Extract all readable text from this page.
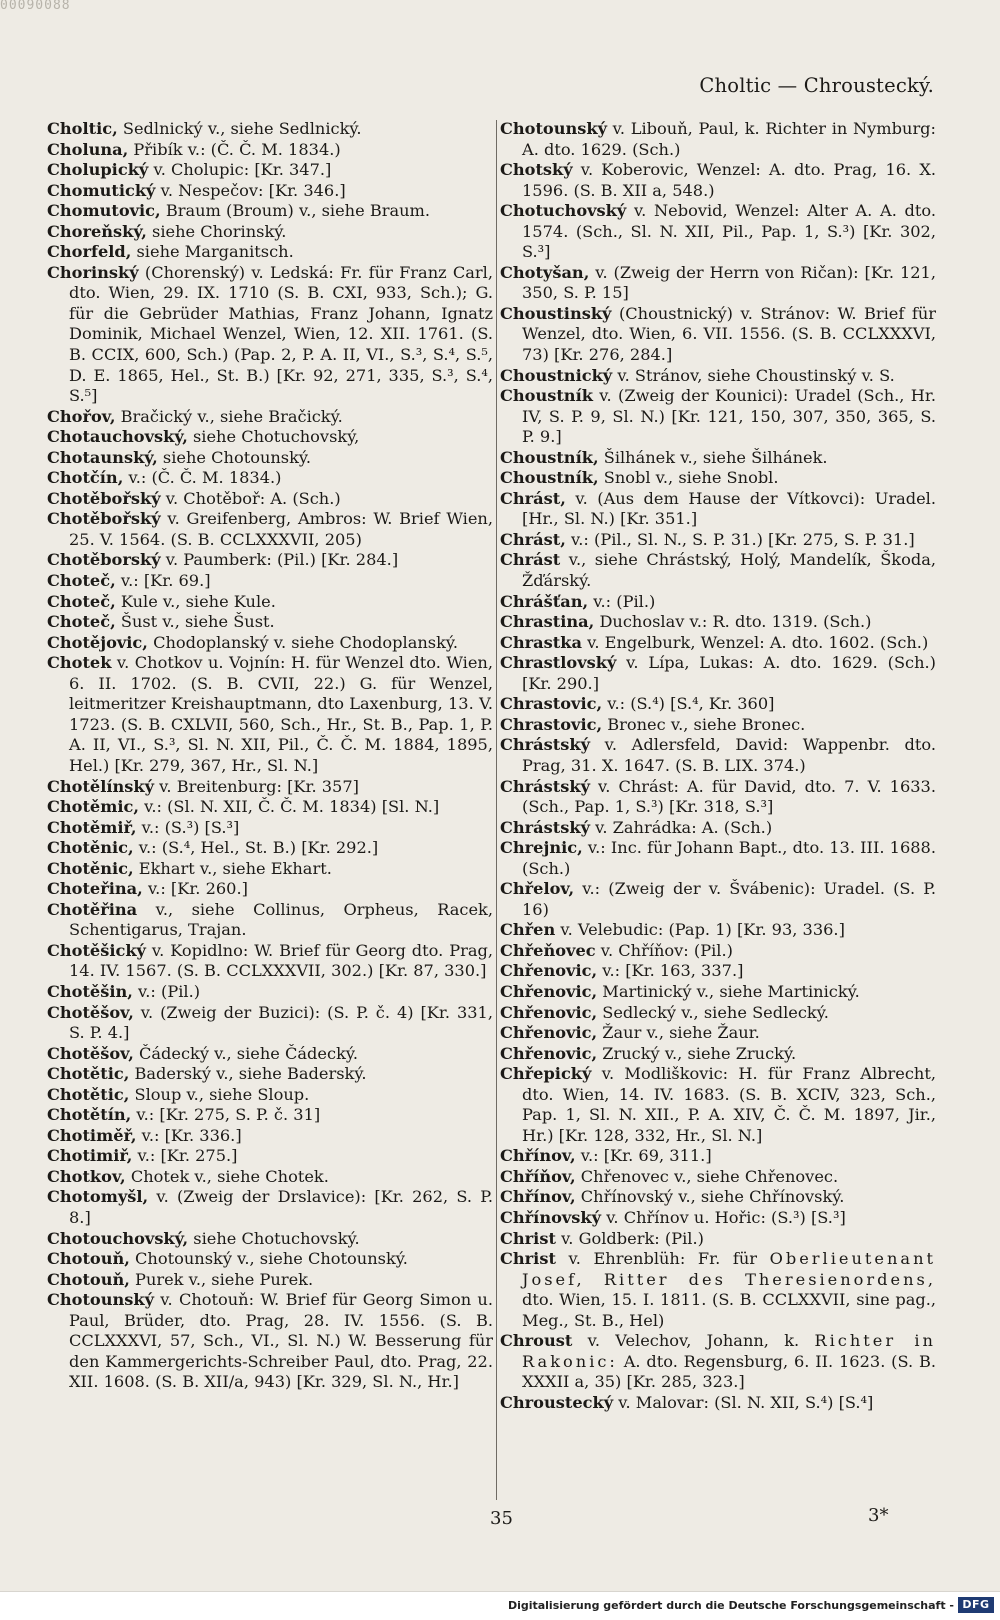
00090088
Choltic — Chroustecký.

Choltic, Sedlnický v., siehe Sedlnický.

Choluna, Přibík v.: (Č. Č. M. 1834.)

Cholupický v. Cholupic: [Kr. 347.]

Chomutický v. Nespečov: [Kr. 346.]

Chomutovic, Braum (Broum) v., siehe Braum.

Choreňský, siehe Chorinský.

Chorfeld, siehe Marganitsch.

Chorinský (Chorenský) v. Ledská: Fr. für Franz Carl, dto. Wien, 29. IX. 1710 (S. B. CXI, 933, Sch.); G. für die Gebrüder Mathias, Franz Johann, Ignatz Dominik, Michael Wenzel, Wien, 12. XII. 1761. (S. B. CCIX, 600, Sch.) (Pap. 2, P. A. II, VI., S.³, S.⁴, S.⁵, D. E. 1865, Hel., St. B.) [Kr. 92, 271, 335, S.³, S.⁴, S.⁵]

Chořov, Bračický v., siehe Bračický.

Chotauchovský, siehe Chotuchovský,

Chotaunský, siehe Chotounský.

Chotčín, v.: (Č. Č. M. 1834.)

Chotěbořský v. Chotěboř: A. (Sch.)

Chotěbořský v. Greifenberg, Ambros: W. Brief Wien, 25. V. 1564. (S. B. CCLXXXVII, 205)

Chotěborský v. Paumberk: (Pil.) [Kr. 284.]

Choteč, v.: [Kr. 69.]

Choteč, Kule v., siehe Kule.

Choteč, Šust v., siehe Šust.

Chotějovic, Chodoplanský v. siehe Chodoplanský.

Chotek v. Chotkov u. Vojnín: H. für Wenzel dto. Wien, 6. II. 1702. (S. B. CVII, 22.) G. für Wenzel, leitmeritzer Kreishauptmann, dto Laxenburg, 13. V. 1723. (S. B. CXLVII, 560, Sch., Hr., St. B., Pap. 1, P. A. II, VI., S.³, Sl. N. XII, Pil., Č. Č. M. 1884, 1895, Hel.) [Kr. 279, 367, Hr., Sl. N.]

Chotělínský v. Breitenburg: [Kr. 357]

Chotěmic, v.: (Sl. N. XII, Č. Č. M. 1834) [Sl. N.]

Chotěmiř, v.: (S.³) [S.³]

Chotěnic, v.: (S.⁴, Hel., St. B.) [Kr. 292.]

Chotěnic, Ekhart v., siehe Ekhart.

Choteřina, v.: [Kr. 260.]

Chotěřina v., siehe Collinus, Orpheus, Racek, Schentigarus, Trajan.

Chotěšický v. Kopidlno: W. Brief für Georg dto. Prag, 14. IV. 1567. (S. B. CCLXXXVII, 302.) [Kr. 87, 330.]

Chotěšin, v.: (Pil.)

Chotěšov, v. (Zweig der Buzici): (S. P. č. 4) [Kr. 331, S. P. 4.]

Chotěšov, Čádecký v., siehe Čádecký.

Chotětic, Baderský v., siehe Baderský.

Chotětic, Sloup v., siehe Sloup.

Chotětín, v.: [Kr. 275, S. P. č. 31]

Chotiměř, v.: [Kr. 336.]

Chotimiř, v.: [Kr. 275.]

Chotkov, Chotek v., siehe Chotek.

Chotomyšl, v. (Zweig der Drslavice): [Kr. 262, S. P. 8.]

Chotouchovský, siehe Chotuchovský.

Chotouň, Chotounský v., siehe Chotounský.

Chotouň, Purek v., siehe Purek.

Chotounský v. Chotouň: W. Brief für Georg Simon u. Paul, Brüder, dto. Prag, 28. IV. 1556. (S. B. CCLXXXVI, 57, Sch., VI., Sl. N.) W. Besserung für den Kammergerichts-Schreiber Paul, dto. Prag, 22. XII. 1608. (S. B. XII/a, 943) [Kr. 329, Sl. N., Hr.]

Chotounský v. Libouň, Paul, k. Richter in Nymburg: A. dto. 1629. (Sch.)

Chotský v. Koberovic, Wenzel: A. dto. Prag, 16. X. 1596. (S. B. XII a, 548.)

Chotuchovský v. Nebovid, Wenzel: Alter A. A. dto. 1574. (Sch., Sl. N. XII, Pil., Pap. 1, S.³) [Kr. 302, S.³]

Chotyšan, v. (Zweig der Herrn von Ričan): [Kr. 121, 350, S. P. 15]

Choustinský (Choustnický) v. Stránov: W. Brief für Wenzel, dto. Wien, 6. VII. 1556. (S. B. CCLXXXVI, 73) [Kr. 276, 284.]

Choustnický v. Stránov, siehe Choustinský v. S.

Choustník v. (Zweig der Kounici): Uradel (Sch., Hr. IV, S. P. 9, Sl. N.) [Kr. 121, 150, 307, 350, 365, S. P. 9.]

Choustník, Šilhánek v., siehe Šilhánek.

Choustník, Snobl v., siehe Snobl.

Chrást, v. (Aus dem Hause der Vítkovci): Uradel. [Hr., Sl. N.) [Kr. 351.]

Chrást, v.: (Pil., Sl. N., S. P. 31.) [Kr. 275, S. P. 31.]

Chrást v., siehe Chrástský, Holý, Mandelík, Škoda, Žďárský.

Chrášťan, v.: (Pil.)

Chrastina, Duchoslav v.: R. dto. 1319. (Sch.)

Chrastka v. Engelburk, Wenzel: A. dto. 1602. (Sch.)

Chrastlovský v. Lípa, Lukas: A. dto. 1629. (Sch.) [Kr. 290.]

Chrastovic, v.: (S.⁴) [S.⁴, Kr. 360]

Chrastovic, Bronec v., siehe Bronec.

Chrástský v. Adlersfeld, David: Wappenbr. dto. Prag, 31. X. 1647. (S. B. LIX. 374.)

Chrástský v. Chrást: A. für David, dto. 7. V. 1633. (Sch., Pap. 1, S.³) [Kr. 318, S.³]

Chrástský v. Zahrádka: A. (Sch.)

Chrejnic, v.: Inc. für Johann Bapt., dto. 13. III. 1688. (Sch.)

Chřelov, v.: (Zweig der v. Švábenic): Uradel. (S. P. 16)

Chřen v. Velebudic: (Pap. 1) [Kr. 93, 336.]

Chřeňovec v. Chříňov: (Pil.)

Chřenovic, v.: [Kr. 163, 337.]

Chřenovic, Martinický v., siehe Martinický.

Chřenovic, Sedlecký v., siehe Sedlecký.

Chřenovic, Žaur v., siehe Žaur.

Chřenovic, Zrucký v., siehe Zrucký.

Chřepický v. Modliškovic: H. für Franz Albrecht, dto. Wien, 14. IV. 1683. (S. B. XCIV, 323, Sch., Pap. 1, Sl. N. XII., P. A. XIV, Č. Č. M. 1897, Jir., Hr.) [Kr. 128, 332, Hr., Sl. N.]

Chřínov, v.: [Kr. 69, 311.]

Chříňov, Chřenovec v., siehe Chřenovec.

Chřínov, Chřínovský v., siehe Chřínovský.

Chřínovský v. Chřínov u. Hořic: (S.³) [S.³]

Christ v. Goldberk: (Pil.)

Christ v. Ehrenblüh: Fr. für Oberlieutenant Josef, Ritter des Theresienordens, dto. Wien, 15. I. 1811. (S. B. CCLXXVII, sine pag., Meg., St. B., Hel)

Chroust v. Velechov, Johann, k. Richter in Rakonic: A. dto. Regensburg, 6. II. 1623. (S. B. XXXII a, 35) [Kr. 285, 323.]

Chroustecký v. Malovar: (Sl. N. XII, S.⁴) [S.⁴]

35	3*
Digitalisierung gefördert durch die Deutsche Forschungsgemeinschaft - DFG
